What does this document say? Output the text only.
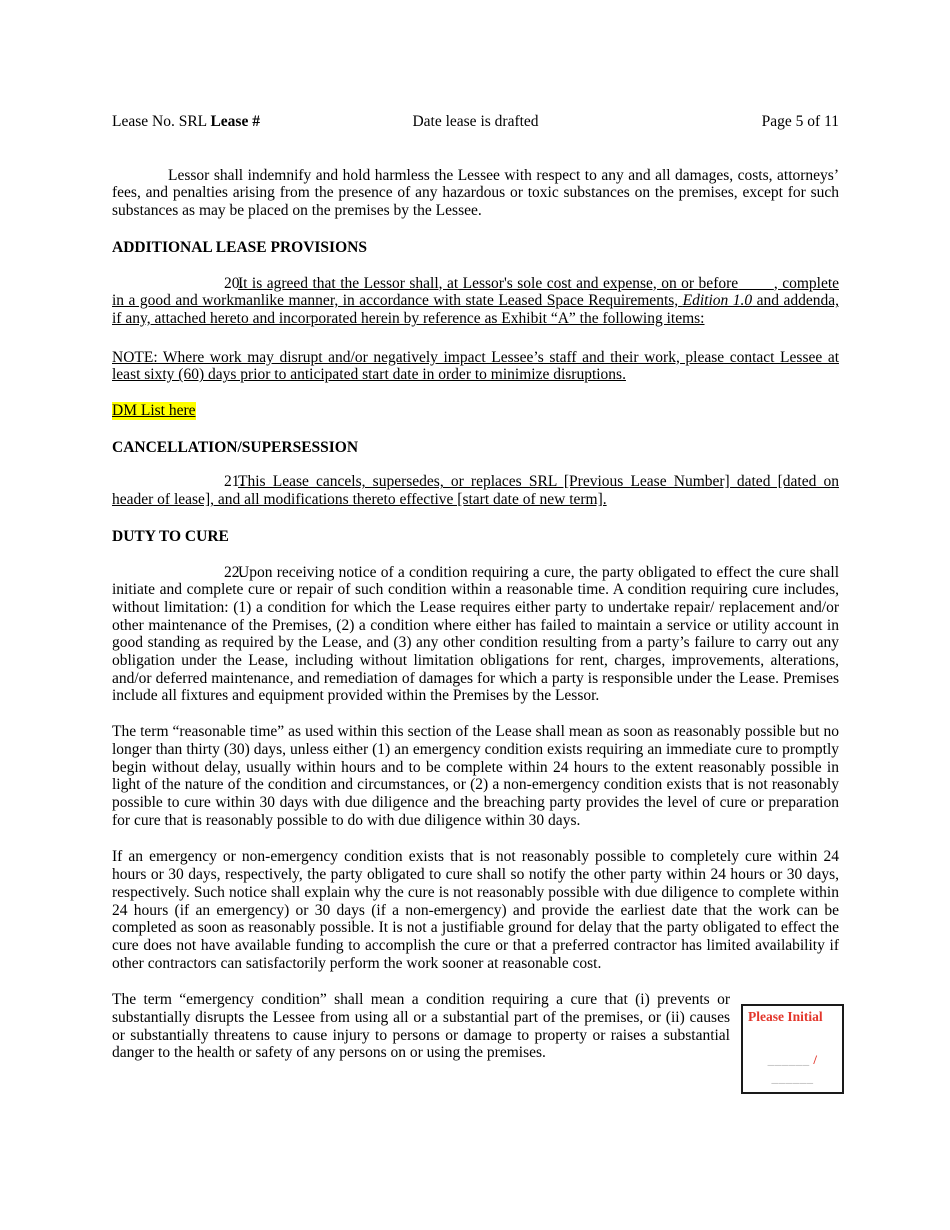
Lease No. SRL Lease #	Date lease is drafted	Page 5 of 11

Lessor shall indemnify and hold harmless the Lessee with respect to any and all damages, costs, attorneys’ fees, and penalties arising from the presence of any hazardous or toxic substances on the premises, except for such substances as may be placed on the premises by the Lessee.

ADDITIONAL LEASE PROVISIONS

20.It is agreed that the Lessor shall, at Lessor's sole cost and expense, on or before , complete in a good and workmanlike manner, in accordance with state Leased Space Requirements, Edition 1.0 and addenda, if any, attached hereto and incorporated herein by reference as Exhibit “A” the following items:

NOTE: Where work may disrupt and/or negatively impact Lessee’s staff and their work, please contact Lessee at least sixty (60) days prior to anticipated start date in order to minimize disruptions.

DM List here

CANCELLATION/SUPERSESSION

21.This Lease cancels, supersedes, or replaces SRL [Previous Lease Number] dated [dated on header of lease], and all modifications thereto effective [start date of new term].

DUTY TO CURE

22.Upon receiving notice of a condition requiring a cure, the party obligated to effect the cure shall initiate and complete cure or repair of such condition within a reasonable time. A condition requiring cure includes, without limitation: (1) a condition for which the Lease requires either party to undertake repair/ replacement and/or other maintenance of the Premises, (2) a condition where either has failed to maintain a service or utility account in good standing as required by the Lease, and (3) any other condition resulting from a party’s failure to carry out any obligation under the Lease, including without limitation obligations for rent, charges, improvements, alterations, and/or deferred maintenance, and remediation of damages for which a party is responsible under the Lease. Premises include all fixtures and equipment provided within the Premises by the Lessor.

The term “reasonable time” as used within this section of the Lease shall mean as soon as reasonably possible but no longer than thirty (30) days, unless either (1) an emergency condition exists requiring an immediate cure to promptly begin without delay, usually within hours and to be complete within 24 hours to the extent reasonably possible in light of the nature of the condition and circumstances, or (2) a non-emergency condition exists that is not reasonably possible to cure within 30 days with due diligence and the breaching party provides the level of cure or preparation for cure that is reasonably possible to do with due diligence within 30 days.

If an emergency or non-emergency condition exists that is not reasonably possible to completely cure within 24 hours or 30 days, respectively, the party obligated to cure shall so notify the other party within 24 hours or 30 days, respectively. Such notice shall explain why the cure is not reasonably possible with due diligence to complete within 24 hours (if an emergency) or 30 days (if a non-emergency) and provide the earliest date that the work can be completed as soon as reasonably possible. It is not a justifiable ground for delay that the party obligated to effect the cure does not have available funding to accomplish the cure or that a preferred contractor has limited availability if other contractors can satisfactorily perform the work sooner at reasonable cost.

The term “emergency condition” shall mean a condition requiring a cure that (i) prevents or substantially disrupts the Lessee from using all or a substantial part of the premises, or (ii) causes or substantially threatens to cause injury to persons or damage to property or raises a substantial danger to the health or safety of any persons on or using the premises.

Please Initial
______ / ______
